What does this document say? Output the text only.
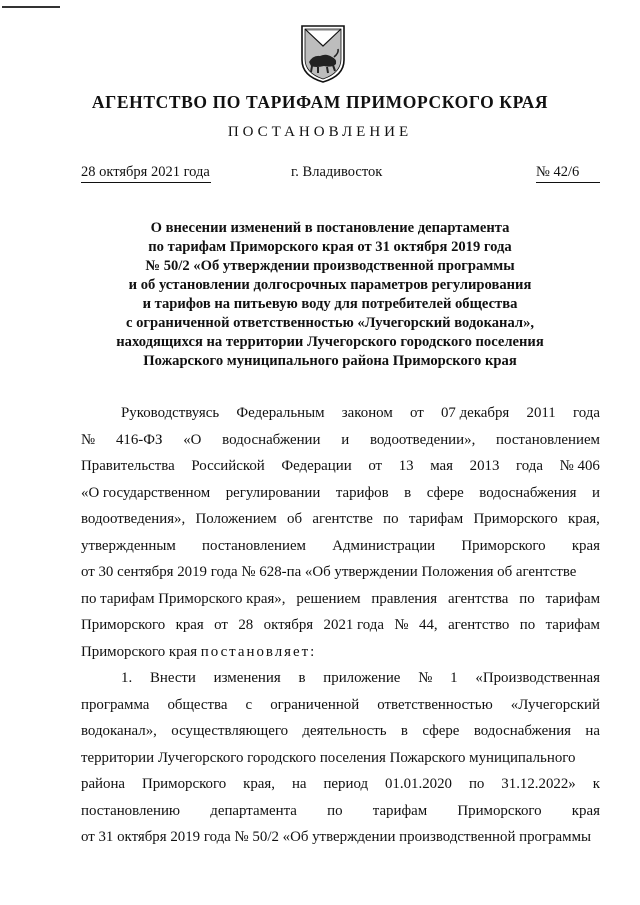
АГЕНТСТВО ПО ТАРИФАМ ПРИМОРСКОГО КРАЯ
ПОСТАНОВЛЕНИЕ
28 октября 2021 года	г. Владивосток	№ 42/6
О внесении изменений в постановление департамента
по тарифам Приморского края от 31 октября 2019 года
№ 50/2 «Об утверждении производственной программы
и об установлении долгосрочных параметров регулирования
и тарифов на питьевую воду для потребителей общества
с ограниченной ответственностью «Лучегорский водоканал»,
находящихся на территории Лучегорского городского поселения
Пожарского муниципального района Приморского края
Руководствуясь Федеральным законом от 07 декабря 2011 года
№ 416-ФЗ «О водоснабжении и водоотведении», постановлением
Правительства Российской Федерации от 13 мая 2013 года № 406
«О государственном регулировании тарифов в сфере водоснабжения и
водоотведения», Положением об агентстве по тарифам Приморского края,
утвержденным постановлением Администрации Приморского края
от 30 сентября 2019 года № 628-па «Об утверждении Положения об агентстве
по тарифам Приморского края», решением правления агентства по тарифам
Приморского края от 28 октября 2021 года № 44, агентство по тарифам
Приморского края постановляет:
1. Внести изменения в приложение № 1 «Производственная
программа общества с ограниченной ответственностью «Лучегорский
водоканал», осуществляющего деятельность в сфере водоснабжения на
территории Лучегорского городского поселения Пожарского муниципального
района Приморского края, на период 01.01.2020 по 31.12.2022» к
постановлению департамента по тарифам Приморского края
от 31 октября 2019 года № 50/2 «Об утверждении производственной программы
